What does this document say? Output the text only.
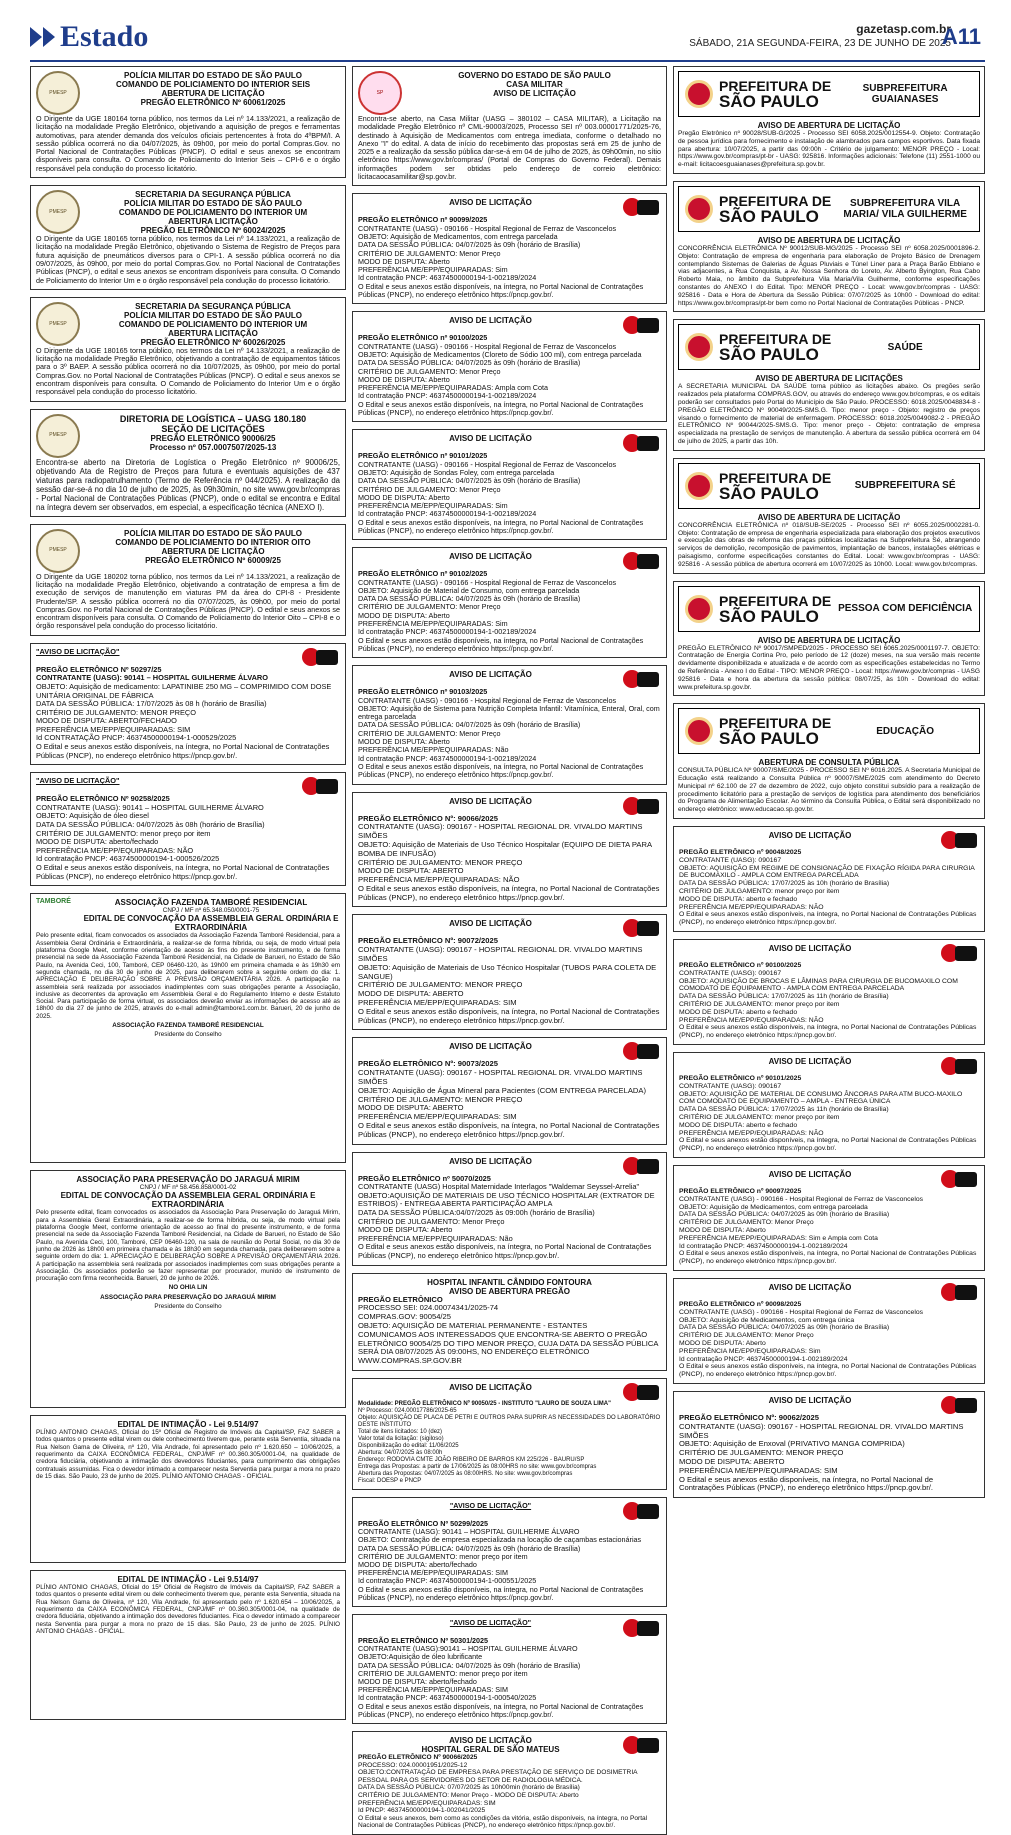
Estado	gazetasp.com.br
SÁBADO, 21A SEGUNDA-FEIRA, 23 DE JUNHO DE 2025
A11
PMESP
POLÍCIA MILITAR DO ESTADO DE SÃO PAULO
COMANDO DE POLICIAMENTO DO INTERIOR SEIS
ABERTURA DE LICITAÇÃO
PREGÃO ELETRÔNICO Nº 60061/2025
O Dirigente da UGE 180164 torna público, nos termos da Lei nº 14.133/2021, a realização de licitação na modalidade Pregão Eletrônico, objetivando a aquisição de pregos e ferramentas automotivas, para atender demanda dos veículos oficiais pertencentes à frota do 4ºBPM/I. A sessão pública ocorrerá no dia 04/07/2025, às 09h00, por meio do portal Compras.Gov. no Portal Nacional de Contratações Públicas (PNCP). O edital e seus anexos se encontram disponíveis para consulta. O Comando de Policiamento do Interior Seis – CPI-6 e o órgão responsável pela condução do processo licitatório.
PMESP
SECRETARIA DA SEGURANÇA PÚBLICA
POLÍCIA MILITAR DO ESTADO DE SÃO PAULO
COMANDO DE POLICIAMENTO DO INTERIOR UM
ABERTURA LICITAÇÃO
PREGÃO ELETRÔNICO Nº 60024/2025
O Dirigente da UGE 180165 torna público, nos termos da Lei nº 14.133/2021, a realização de licitação na modalidade Pregão Eletrônico, objetivando o Sistema de Registro de Preços para futura aquisição de pneumáticos diversos para o CPI-1. A sessão pública ocorrerá no dia 09/07/2025, às 09h00, por meio do portal Compras.Gov. no Portal Nacional de Contratações Públicas (PNCP), o edital e seus anexos se encontram disponíveis para consulta. O Comando de Policiamento do Interior Um e o órgão responsável pela condução do processo licitatório.
PMESP
SECRETARIA DA SEGURANÇA PÚBLICA
POLÍCIA MILITAR DO ESTADO DE SÃO PAULO
COMANDO DE POLICIAMENTO DO INTERIOR UM
ABERTURA LICITAÇÃO
PREGÃO ELETRÔNICO Nº 60026/2025
O Dirigente da UGE 180165 torna público, nos termos da Lei nº 14.133/2021, a realização de licitação na modalidade Pregão Eletrônico, objetivando a contratação de equipamentos táticos para o 3º BAEP. A sessão pública ocorrerá no dia 10/07/2025, às 09h00, por meio do portal Compras.Gov. no Portal Nacional de Contratações Públicas (PNCP). O edital e seus anexos se encontram disponíveis para consulta. O Comando de Policiamento do Interior Um e o órgão responsável pela condução do processo licitatório.
PMESP
DIRETORIA DE LOGÍSTICA – UASG 180.180
SEÇÃO DE LICITAÇÕES
PREGÃO ELETRÔNICO 90006/25
Processo nº 057.0007507/2025-13
Encontra-se aberto na Diretoria de Logística o Pregão Eletrônico nº 90006/25, objetivando Ata de Registro de Preços para futura e eventuais aquisições de 437 viaturas para radiopatrulhamento (Termo de Referência nº 044/2025). A realização da sessão dar-se-á no dia 10 de julho de 2025, às 09h30min, no site www.gov.br/compras - Portal Nacional de Contratações Públicas (PNCP), onde o edital se encontra e Edital na íntegra devem ser observados, em especial, a especificação técnica (ANEXO I).
PMESP
POLÍCIA MILITAR DO ESTADO DE SÃO PAULO
COMANDO DE POLICIAMENTO DO INTERIOR OITO
ABERTURA DE LICITAÇÃO
PREGÃO ELETRÔNICO Nº 60009/25
O Dirigente da UGE 180202 torna público, nos termos da Lei nº 14.133/2021, a realização de licitação na modalidade Pregão Eletrônico, objetivando a contratação de empresa a fim de execução de serviços de manutenção em viaturas PM da área do CPI-8 - Presidente Prudente/SP. A sessão pública ocorrerá no dia 07/07/2025, às 09h00, por meio do portal Compras.Gov. no Portal Nacional de Contratações Públicas (PNCP). O edital e seus anexos se encontram disponíveis para consulta. O Comando de Policiamento do Interior Oito – CPI-8 e o órgão responsável pela condução do processo licitatório.
"AVISO DE LICITAÇÃO"
PREGÃO ELETRÔNICO Nº 50297/25
CONTRATANTE (UASG): 90141 – HOSPITAL GUILHERME ÁLVARO
OBJETO: Aquisição de medicamento: LAPATINIBE 250 MG – COMPRIMIDO COM DOSE UNITÁRIA ORIGINAL DE FÁBRICA
DATA DA SESSÃO PÚBLICA: 17/07/2025 às 08 h (horário de Brasília)
CRITÉRIO DE JULGAMENTO: MENOR PREÇO
MODO DE DISPUTA: ABERTO/FECHADO
PREFERÊNCIA ME/EPP/EQUIPARADAS: SIM
Id CONTRATAÇÃO PNCP: 46374500000194-1-000529/2025
O Edital e seus anexos estão disponíveis, na íntegra, no Portal Nacional de Contratações Públicas (PNCP), no endereço eletrônico https://pncp.gov.br/.
"AVISO DE LICITAÇÃO"
PREGÃO ELETRÔNICO Nº 90258/2025
CONTRATANTE (UASG): 90141 – HOSPITAL GUILHERME ÁLVARO
OBJETO: Aquisição de óleo diesel
DATA DA SESSÃO PÚBLICA: 04/07/2025 às 08h (horário de Brasília)
CRITÉRIO DE JULGAMENTO: menor preço por item
MODO DE DISPUTA: aberto/fechado
PREFERÊNCIA ME/EPP/EQUIPARADAS: NÃO
Id contratação PNCP: 46374500000194-1-000526/2025
O Edital e seus anexos estão disponíveis, na íntegra, no Portal Nacional de Contratações Públicas (PNCP), no endereço eletrônico https://pncp.gov.br/.
TAMBORÉ	ASSOCIAÇÃO FAZENDA TAMBORÉ RESIDENCIAL
CNPJ / MF nº 65.348.050/0001-75
EDITAL DE CONVOCAÇÃO DA ASSEMBLEIA GERAL ORDINÁRIA E EXTRAORDINÁRIA
Pelo presente edital, ficam convocados os associados da Associação Fazenda Tamboré Residencial, para a Assembleia Geral Ordinária e Extraordinária, a realizar-se de forma híbrida, ou seja, de modo virtual pela plataforma Google Meet, conforme orientação de acesso às fins do presente instrumento, e de forma presencial na sede da Associação Fazenda Tamboré Residencial, na Cidade de Barueri, no Estado de São Paulo, na Avenida Ceci, 100, Tamboré, CEP 06460-120, às 19h00 em primeira chamada e às 19h30 em segunda chamada, no dia 30 de junho de 2025, para deliberarem sobre a seguinte ordem do dia: 1. APRECIAÇÃO E DELIBERAÇÃO SOBRE A PREVISÃO ORÇAMENTÁRIA 2026. A participação na assembleia será realizada por associados inadimplentes com suas obrigações perante a Associação, inclusive as decorrentes da aprovação em Assembleia Geral e do Regulamento Interno e deste Estatuto Social. Para participação de forma virtual, os associados deverão enviar as informações de acesso até as 18h00 do dia 27 de junho de 2025, através do e-mail admin@tambore1.com.br. Barueri, 20 de junho de 2025.
ASSOCIAÇÃO FAZENDA TAMBORÉ RESIDENCIAL
Presidente do Conselho
ASSOCIAÇÃO PARA PRESERVAÇÃO DO JARAGUÁ MIRIM
CNPJ / MF nº 58.456.858/0001-02
EDITAL DE CONVOCAÇÃO DA ASSEMBLEIA GERAL ORDINÁRIA E EXTRAORDINÁRIA
Pelo presente edital, ficam convocados os associados da Associação Para Preservação do Jaraguá Mirim, para a Assembleia Geral Extraordinária, a realizar-se de forma híbrida, ou seja, de modo virtual pela plataforma Google Meet, conforme orientação de acesso ao final do presente instrumento, e de forma presencial na sede da Associação Fazenda Tamboré Residencial, na Cidade de Barueri, no Estado de São Paulo, na Avenida Ceci, 100, Tamboré, CEP 06460-120, na sala de reunião do Portal Social, no dia 30 de junho de 2026 às 18h00 em primeira chamada e às 18h30 em segunda chamada, para deliberarem sobre a seguinte ordem do dia: 1. APRECIAÇÃO E DELIBERAÇÃO SOBRE A PREVISÃO ORÇAMENTÁRIA 2026. A participação na assembleia será realizada por associados inadimplentes com suas obrigações perante a Associação. Os associados poderão se fazer representar por procurador, munido de instrumento de procuração com firma reconhecida. Barueri, 20 de junho de 2026.
NO OHIA LIN
ASSOCIAÇÃO PARA PRESERVAÇÃO DO JARAGUÁ MIRIM
Presidente do Conselho
EDITAL DE INTIMAÇÃO - Lei 9.514/97
PLÍNIO ANTONIO CHAGAS, Oficial do 15º Oficial de Registro de Imóveis da Capital/SP, FAZ SABER a todos quantos o presente edital virem ou dele conhecimento tiverem que, perante esta Serventia, situada na Rua Nelson Gama de Oliveira, nº 120, Vila Andrade, foi apresentado pelo nº 1.620.650 – 10/06/2025, a requerimento da CAIXA ECONÔMICA FEDERAL, CNPJ/MF nº 00.360.305/0001-04, na qualidade de credora fiduciária, objetivando a intimação dos devedores fiduciantes, para cumprimento das obrigações contratuais assumidas. Fica o devedor intimado a comparecer nesta Serventia para purgar a mora no prazo de 15 dias. São Paulo, 23 de junho de 2025. PLÍNIO ANTONIO CHAGAS - OFICIAL.
EDITAL DE INTIMAÇÃO - Lei 9.514/97
PLÍNIO ANTONIO CHAGAS, Oficial do 15º Oficial de Registro de Imóveis da Capital/SP, FAZ SABER a todos quantos o presente edital virem ou dele conhecimento tiverem que, perante esta Serventia, situada na Rua Nelson Gama de Oliveira, nº 120, Vila Andrade, foi apresentado pelo nº 1.620.654 – 10/06/2025, a requerimento da CAIXA ECONÔMICA FEDERAL, CNPJ/MF nº 00.360.305/0001-04, na qualidade de credora fiduciária, objetivando a intimação dos devedores fiduciantes. Fica o devedor intimado a comparecer nesta Serventia para purgar a mora no prazo de 15 dias. São Paulo, 23 de junho de 2025. PLÍNIO ANTONIO CHAGAS - OFICIAL.
SP
GOVERNO DO ESTADO DE SÃO PAULO
CASA MILITAR
AVISO DE LICITAÇÃO
Encontra-se aberto, na Casa Militar (UASG – 380102 – CASA MILITAR), a Licitação na modalidade Pregão Eletrônico nº CML-90003/2025, Processo SEI nº 003.00001771/2025-76, destinado à Aquisição de Medicamentos com entrega imediata, conforme o detalhado no Anexo "I" do edital. A data de início do recebimento das propostas será em 25 de junho de 2025 e a realização da sessão pública dar-se-á em 04 de julho de 2025, às 09h00min, no sítio eletrônico https://www.gov.br/compras/ (Portal de Compras do Governo Federal). Demais informações podem ser obtidas pelo endereço de correio eletrônico: licitacaocasamilitar@sp.gov.br.
AVISO DE LICITAÇÃO
PREGÃO ELETRÔNICO nº 90099/2025
CONTRATANTE (UASG) - 090166 - Hospital Regional de Ferraz de Vasconcelos
OBJETO: Aquisição de Medicamentos, com entrega parcelada
DATA DA SESSÃO PÚBLICA: 04/07/2025 às 09h (horário de Brasília)
CRITÉRIO DE JULGAMENTO: Menor Preço
MODO DE DISPUTA: Aberto
PREFERÊNCIA ME/EPP/EQUIPARADAS: Sim
Id contratação PNCP: 46374500000194-1-002189/2024
O Edital e seus anexos estão disponíveis, na íntegra, no Portal Nacional de Contratações Públicas (PNCP), no endereço eletrônico https://pncp.gov.br/.
AVISO DE LICITAÇÃO
PREGÃO ELETRÔNICO nº 90100/2025
CONTRATANTE (UASG) - 090166 - Hospital Regional de Ferraz de Vasconcelos
OBJETO: Aquisição de Medicamentos (Cloreto de Sódio 100 ml), com entrega parcelada
DATA DA SESSÃO PÚBLICA: 04/07/2025 às 09h (horário de Brasília)
CRITÉRIO DE JULGAMENTO: Menor Preço
MODO DE DISPUTA: Aberto
PREFERÊNCIA ME/EPP/EQUIPARADAS: Ampla com Cota
Id contratação PNCP: 46374500000194-1-002189/2024
O Edital e seus anexos estão disponíveis, na íntegra, no Portal Nacional de Contratações Públicas (PNCP), no endereço eletrônico https://pncp.gov.br/.
AVISO DE LICITAÇÃO
PREGÃO ELETRÔNICO nº 90101/2025
CONTRATANTE (UASG) - 090166 - Hospital Regional de Ferraz de Vasconcelos
OBJETO: Aquisição de Sondas Foley, com entrega parcelada
DATA DA SESSÃO PÚBLICA: 04/07/2025 às 09h (horário de Brasília)
CRITÉRIO DE JULGAMENTO: Menor Preço
MODO DE DISPUTA: Aberto
PREFERÊNCIA ME/EPP/EQUIPARADAS: Sim
Id contratação PNCP: 46374500000194-1-002189/2024
O Edital e seus anexos estão disponíveis, na íntegra, no Portal Nacional de Contratações Públicas (PNCP), no endereço eletrônico https://pncp.gov.br/.
AVISO DE LICITAÇÃO
PREGÃO ELETRÔNICO nº 90102/2025
CONTRATANTE (UASG) - 090166 - Hospital Regional de Ferraz de Vasconcelos
OBJETO: Aquisição de Material de Consumo, com entrega parcelada
DATA DA SESSÃO PÚBLICA: 04/07/2025 às 09h (horário de Brasília)
CRITÉRIO DE JULGAMENTO: Menor Preço
MODO DE DISPUTA: Aberto
PREFERÊNCIA ME/EPP/EQUIPARADAS: Sim
Id contratação PNCP: 46374500000194-1-002189/2024
O Edital e seus anexos estão disponíveis, na íntegra, no Portal Nacional de Contratações Públicas (PNCP), no endereço eletrônico https://pncp.gov.br/.
AVISO DE LICITAÇÃO
PREGÃO ELETRÔNICO nº 90103/2025
CONTRATANTE (UASG) - 090166 - Hospital Regional de Ferraz de Vasconcelos
OBJETO: Aquisição de Sistema para Nutrição Completa Infantil: Vitamínica, Enteral, Oral, com entrega parcelada
DATA DA SESSÃO PÚBLICA: 04/07/2025 às 09h (horário de Brasília)
CRITÉRIO DE JULGAMENTO: Menor Preço
MODO DE DISPUTA: Aberto
PREFERÊNCIA ME/EPP/EQUIPARADAS: Não
Id contratação PNCP: 46374500000194-1-002189/2024
O Edital e seus anexos estão disponíveis, na íntegra, no Portal Nacional de Contratações Públicas (PNCP), no endereço eletrônico https://pncp.gov.br/.
AVISO DE LICITAÇÃO
PREGÃO ELETRÔNICO Nº: 90066/2025
CONTRATANTE (UASG): 090167 - HOSPITAL REGIONAL DR. VIVALDO MARTINS SIMÕES
OBJETO: Aquisição de Materiais de Uso Técnico Hospitalar (EQUIPO DE DIETA PARA BOMBA DE INFUSÃO)
CRITÉRIO DE JULGAMENTO: MENOR PREÇO
MODO DE DISPUTA: ABERTO
PREFERÊNCIA ME/EPP/EQUIPARADAS: NÃO
O Edital e seus anexos estão disponíveis, na íntegra, no Portal Nacional de Contratações Públicas (PNCP), no endereço eletrônico https://pncp.gov.br/.
AVISO DE LICITAÇÃO
PREGÃO ELETRÔNICO Nº: 90072/2025
CONTRATANTE (UASG): 090167 - HOSPITAL REGIONAL DR. VIVALDO MARTINS SIMÕES
OBJETO: Aquisição de Materiais de Uso Técnico Hospitalar (TUBOS PARA COLETA DE SANGUE)
CRITÉRIO DE JULGAMENTO: MENOR PREÇO
MODO DE DISPUTA: ABERTO
PREFERÊNCIA ME/EPP/EQUIPARADAS: SIM
O Edital e seus anexos estão disponíveis, na íntegra, no Portal Nacional de Contratações Públicas (PNCP), no endereço eletrônico https://pncp.gov.br/.
AVISO DE LICITAÇÃO
PREGÃO ELETRÔNICO Nº: 90073/2025
CONTRATANTE (UASG): 090167 - HOSPITAL REGIONAL DR. VIVALDO MARTINS SIMÕES
OBJETO: Aquisição de Água Mineral para Pacientes (COM ENTREGA PARCELADA)
CRITÉRIO DE JULGAMENTO: MENOR PREÇO
MODO DE DISPUTA: ABERTO
PREFERÊNCIA ME/EPP/EQUIPARADAS: SIM
O Edital e seus anexos estão disponíveis, na íntegra, no Portal Nacional de Contratações Públicas (PNCP), no endereço eletrônico https://pncp.gov.br/.
AVISO DE LICITAÇÃO
PREGÃO ELETRÔNICO nº 50070/2025
CONTRATANTE (UASG) Hospital Maternidade Interlagos "Waldemar Seyssel-Arrelia"
OBJETO:AQUISIÇÃO DE MATERIAIS DE USO TÉCNICO HOSPITALAR (EXTRATOR DE ESTRIBOS) - ENTREGA ABERTA PARTICIPAÇÃO AMPLA
DATA DA SESSÃO PÚBLICA:04/07/2025 às 09:00h (horário de Brasília)
CRITÉRIO DE JULGAMENTO: Menor Preço
MODO DE DISPUTA: Aberto
PREFERÊNCIA ME/EPP/EQUIPARADAS: Não
O Edital e seus anexos estão disponíveis, na íntegra, no Portal Nacional de Contratações Públicas (PNCP), no endereço eletrônico https://pncp.gov.br/.
HOSPITAL INFANTIL CÂNDIDO FONTOURA
AVISO DE ABERTURA PREGÃO
PREGÃO ELETRÔNICO
PROCESSO SEI: 024.00074341/2025-74
COMPRAS.GOV: 90054/25
OBJETO: AQUISIÇÃO DE MATERIAL PERMANENTE - ESTANTES
COMUNICAMOS AOS INTERESSADOS QUE ENCONTRA-SE ABERTO O PREGÃO ELETRÔNICO 90054/25 DO TIPO MENOR PREÇO, CUJA DATA DA SESSÃO PÚBLICA SERÁ DIA 08/07/2025 ÀS 09:00HS, NO ENDEREÇO ELETRÔNICO WWW.COMPRAS.SP.GOV.BR
AVISO DE LICITAÇÃO
Modalidade: PREGÃO ELETRÔNICO Nº 90050/25 - INSTITUTO "LAURO DE SOUZA LIMA"
Nº Processo: 024.00017786/2025-65
Objeto: AQUISIÇÃO DE PLACA DE PETRI E OUTROS PARA SUPRIR AS NECESSIDADES DO LABORATÓRIO DESTE INSTITUTO
Total de itens licitados: 10 (dez)
Valor total da licitação: (sigiloso)
Disponibilização do edital: 11/06/2025
Abertura: 04/07/2025 às 08:00h
Endereço: RODOVIA CMTE JOÃO RIBEIRO DE BARROS KM 225/226 - BAURU/SP
Entrega das Propostas: a partir de 17/06/2025 às 08:00HRS no site: www.gov.br/compras
Abertura das Propostas: 04/07/2025 às 08:00HRS. No site: www.gov.br/compras
Fiscal: DOESP e PNCP
"AVISO DE LICITAÇÃO"
PREGÃO ELETRÔNICO Nº 50299/2025
CONTRATANTE (UASG): 90141 – HOSPITAL GUILHERME ÁLVARO
OBJETO: Contratação de empresa especializada na locação de caçambas estacionárias
DATA DA SESSÃO PÚBLICA: 04/07/2025 às 09h (horário de Brasília)
CRITÉRIO DE JULGAMENTO: menor preço por item
MODO DE DISPUTA: aberto/fechado
PREFERÊNCIA ME/EPP/EQUIPARADAS: SIM
Id contratação PNCP: 46374500000194-1-000551/2025
O Edital e seus anexos estão disponíveis, na íntegra, no Portal Nacional de Contratações Públicas (PNCP), no endereço eletrônico https://pncp.gov.br/.
"AVISO DE LICITAÇÃO"
PREGÃO ELETRÔNICO Nº 50301/2025
CONTRATANTE (UASG):90141 – HOSPITAL GUILHERME ÁLVARO
OBJETO:Aquisição de óleo lubrificante
DATA DA SESSÃO PÚBLICA: 04/07/2025 às 09h (horário de Brasília)
CRITÉRIO DE JULGAMENTO: menor preço por item
MODO DE DISPUTA: aberto/fechado
PREFERÊNCIA ME/EPP/EQUIPARADAS: SIM
Id contratação PNCP: 46374500000194-1-000540/2025
O Edital e seus anexos estão disponíveis, na íntegra, no Portal Nacional de Contratações Públicas (PNCP), no endereço eletrônico https://pncp.gov.br/.
AVISO DE LICITAÇÃO
HOSPITAL GERAL DE SÃO MATEUS
PREGÃO ELETRÔNICO Nº 90066/2025
PROCESSO: 024.00001951/2025-12
OBJETO:CONTRATAÇÃO DE EMPRESA PARA PRESTAÇÃO DE SERVIÇO DE DOSIMETRIA PESSOAL PARA OS SERVIDORES DO SETOR DE RADIOLOGIA MÉDICA.
DATA DA SESSÃO PÚBLICA: 07/07/2025 às 10h00min (horário de Brasília)
CRITÉRIO DE JULGAMENTO: Menor Preço - MODO DE DISPUTA: Aberto
PREFERÊNCIA ME/EPP/EQUIPARADAS: SIM
Id PNCP: 46374500000194-1-002041/2025
O Edital e seus anexos, bem como as condições da vitória, estão disponíveis, na íntegra, no Portal Nacional de Contratações Públicas (PNCP), no endereço eletrônico https://pncp.gov.br/.
PREFEITURA DE
SÃO PAULO
SUBPREFEITURA GUAIANASES
AVISO DE ABERTURA DE LICITAÇÃO
Pregão Eletrônico nº 90028/SUB-G/2025 - Processo SEI 6058.2025/0012554-9. Objeto: Contratação de pessoa jurídica para fornecimento e instalação de alambrados para campos esportivos. Data fixada para abertura: 10/07/2025, a partir das 09:00h - Critério de julgamento: MENOR PREÇO - Local: https://www.gov.br/compras/pt-br - UASG: 925816. Informações adicionais: Telefone (11) 2551-1000 ou e-mail: licitacoesguaianases@prefeitura.sp.gov.br.
PREFEITURA DE
SÃO PAULO
SUBPREFEITURA VILA MARIA/ VILA GUILHERME
AVISO DE ABERTURA DE LICITAÇÃO
CONCORRÊNCIA ELETRÔNICA Nº 90012/SUB-MG/2025 - Processo SEI nº 6058.2025/0001896-2. Objeto: Contratação de empresa de engenharia para elaboração de Projeto Básico de Drenagem contemplando Sistemas de Galerias de Águas Pluviais e Túnel Liner para a Praça Barão Ebbiano e vias adjacentes, a Rua Conquista, a Av. Nossa Senhora do Loreto, Av. Alberto Byington, Rua Cabo Roberto Maia, no âmbito da Subprefeitura Vila Maria/Vila Guilherme, conforme especificações constantes do ANEXO I do Edital. Tipo: MENOR PREÇO - Local: www.gov.br/compras - UASG: 925816 - Data e Hora de Abertura da Sessão Pública: 07/07/2025 às 10h00 - Download do edital: https://www.gov.br/compras/pt-br bem como no Portal Nacional de Contratações Públicas - PNCP.
PREFEITURA DE
SÃO PAULO	SAÚDE
AVISO DE ABERTURA DE LICITAÇÕES
A SECRETARIA MUNICIPAL DA SAÚDE torna público as licitações abaixo. Os pregões serão realizados pela plataforma COMPRAS.GOV, ou através do endereço www.gov.br/compras, e os editais poderão ser consultados pelo Portal do Município de São Paulo. PROCESSO: 6018.2025/0048834-8 - PREGÃO ELETRÔNICO Nº 90049/2025-SMS.G. Tipo: menor preço - Objeto: registro de preços visando o fornecimento de material de enfermagem. PROCESSO: 6018.2025/0049082-2 - PREGÃO ELETRÔNICO Nº 90044/2025-SMS.G. Tipo: menor preço - Objeto: contratação de empresa especializada na prestação de serviços de manutenção. A abertura da sessão pública ocorrerá em 04 de julho de 2025, a partir das 10h.
PREFEITURA DE
SÃO PAULO	SUBPREFEITURA SÉ
AVISO DE ABERTURA DE LICITAÇÃO
CONCORRÊNCIA ELETRÔNICA nº 018/SUB-SE/2025 - Processo SEI nº 6055.2025/0002281-0. Objeto: Contratação de empresa de engenharia especializada para elaboração dos projetos executivos e execução das obras de reforma das praças públicas localizadas na Subprefeitura Sé, abrangendo serviços de demolição, recomposição de pavimentos, implantação de bancos, instalações elétricas e paisagismo, conforme especificações constantes do Edital. Local: www.gov.br/compras - UASG: 925816 - A sessão pública de abertura ocorrerá em 10/07/2025 às 10h00. Local: www.gov.br/compras.
PREFEITURA DE
SÃO PAULO	PESSOA COM DEFICIÊNCIA
AVISO DE ABERTURA DE LICITAÇÃO
PREGÃO ELETRÔNICO Nº 90017/SMPED/2025 - PROCESSO SEI 6065.2025/0001197-7. OBJETO: Contratação de Energia Cortina Pro, pelo período de 12 (doze) meses, na sua versão mais recente devidamente disponibilizada e atualizada e de acordo com as especificações estabelecidas no Termo de Referência - Anexo I do Edital - TIPO: MENOR PREÇO - Local: https://www.gov.br/compras - UASG 925816 - Data e hora da abertura da sessão pública: 08/07/25, às 10h - Download do edital: www.prefeitura.sp.gov.br.
PREFEITURA DE
SÃO PAULO	EDUCAÇÃO
ABERTURA DE CONSULTA PÚBLICA
CONSULTA PÚBLICA Nº 90007/SME/2025 - PROCESSO SEI Nº 6016.2025. A Secretaria Municipal de Educação está realizando a Consulta Pública nº 90007/SME/2025 com atendimento do Decreto Municipal nº 62.100 de 27 de dezembro de 2022, cujo objeto constitui subsídio para a realização de procedimento licitatório para a prestação de serviços de logística para atendimento dos beneficiários do Programa de Alimentação Escolar. Ao término da Consulta Pública, o Edital será disponibilizado no endereço eletrônico: www.educacao.sp.gov.br.
AVISO DE LICITAÇÃO
PREGÃO ELETRÔNICO nº 90048/2025
CONTRATANTE (UASG): 090167
OBJETO: AQUISIÇÃO EM REGIME DE CONSIGNAÇÃO DE FIXAÇÃO RÍGIDA PARA CIRURGIA DE BUCOMAXILO - AMPLA COM ENTREGA PARCELADA
DATA DA SESSÃO PÚBLICA: 17/07/2025 às 10h (horário de Brasília)
CRITÉRIO DE JULGAMENTO: menor preço por item
MODO DE DISPUTA: aberto e fechado
PREFERÊNCIA ME/EPP/EQUIPARADAS: NÃO
O Edital e seus anexos estão disponíveis, na íntegra, no Portal Nacional de Contratações Públicas (PNCP), no endereço eletrônico https://pncp.gov.br/.
AVISO DE LICITAÇÃO
PREGÃO ELETRÔNICO nº 90100/2025
CONTRATANTE (UASG): 090167
OBJETO: AQUISIÇÃO DE BROCAS E LÂMINAS PARA CIRURGIA DE BUCOMAXILO COM COMODATO DE EQUIPAMENTO - AMPLA COM ENTREGA PARCELADA
DATA DA SESSÃO PÚBLICA: 17/07/2025 às 11h (horário de Brasília)
CRITÉRIO DE JULGAMENTO: menor preço por item
MODO DE DISPUTA: aberto e fechado
PREFERÊNCIA ME/EPP/EQUIPARADAS: NÃO
O Edital e seus anexos estão disponíveis, na íntegra, no Portal Nacional de Contratações Públicas (PNCP), no endereço eletrônico https://pncp.gov.br/.
AVISO DE LICITAÇÃO
PREGÃO ELETRÔNICO nº 90101/2025
CONTRATANTE (UASG): 090167
OBJETO: AQUISIÇÃO DE MATERIAL DE CONSUMO ÂNCORAS PARA ATM BUCO-MAXILO COM COMODATO DE EQUIPAMENTO – AMPLA - ENTREGA ÚNICA
DATA DA SESSÃO PÚBLICA: 17/07/2025 às 11h (horário de Brasília)
CRITÉRIO DE JULGAMENTO: menor preço por item
MODO DE DISPUTA: aberto e fechado
PREFERÊNCIA ME/EPP/EQUIPARADAS: NÃO
O Edital e seus anexos estão disponíveis, na íntegra, no Portal Nacional de Contratações Públicas (PNCP), no endereço eletrônico https://pncp.gov.br/.
AVISO DE LICITAÇÃO
PREGÃO ELETRÔNICO nº 90097/2025
CONTRATANTE (UASG) - 090166 - Hospital Regional de Ferraz de Vasconcelos
OBJETO: Aquisição de Medicamentos, com entrega parcelada
DATA DA SESSÃO PÚBLICA: 04/07/2025 às 09h (horário de Brasília)
CRITÉRIO DE JULGAMENTO: Menor Preço
MODO DE DISPUTA: Aberto
PREFERÊNCIA ME/EPP/EQUIPARADAS: Sim e Ampla com Cota
Id contratação PNCP: 46374500000194-1-002189/2024
O Edital e seus anexos estão disponíveis, na íntegra, no Portal Nacional de Contratações Públicas (PNCP), no endereço eletrônico https://pncp.gov.br/.
AVISO DE LICITAÇÃO
PREGÃO ELETRÔNICO nº 90098/2025
CONTRATANTE (UASG) - 090166 - Hospital Regional de Ferraz de Vasconcelos
OBJETO: Aquisição de Medicamentos, com entrega única
DATA DA SESSÃO PÚBLICA: 04/07/2025 às 09h (horário de Brasília)
CRITÉRIO DE JULGAMENTO: Menor Preço
MODO DE DISPUTA: Aberto
PREFERÊNCIA ME/EPP/EQUIPARADAS: Sim
Id contratação PNCP: 46374500000194-1-002189/2024
O Edital e seus anexos estão disponíveis, na íntegra, no Portal Nacional de Contratações Públicas (PNCP), no endereço eletrônico https://pncp.gov.br/.
AVISO DE LICITAÇÃO
PREGÃO ELETRÔNICO Nº: 90062/2025
CONTRATANTE (UASG): 090167 - HOSPITAL REGIONAL DR. VIVALDO MARTINS SIMÕES
OBJETO: Aquisição de Enxoval (PRIVATIVO MANGA COMPRIDA)
CRITÉRIO DE JULGAMENTO: MENOR PREÇO
MODO DE DISPUTA: ABERTO
PREFERÊNCIA ME/EPP/EQUIPARADAS: SIM
O Edital e seus anexos estão disponíveis, na íntegra, no Portal Nacional de Contratações Públicas (PNCP), no endereço eletrônico https://pncp.gov.br/.
